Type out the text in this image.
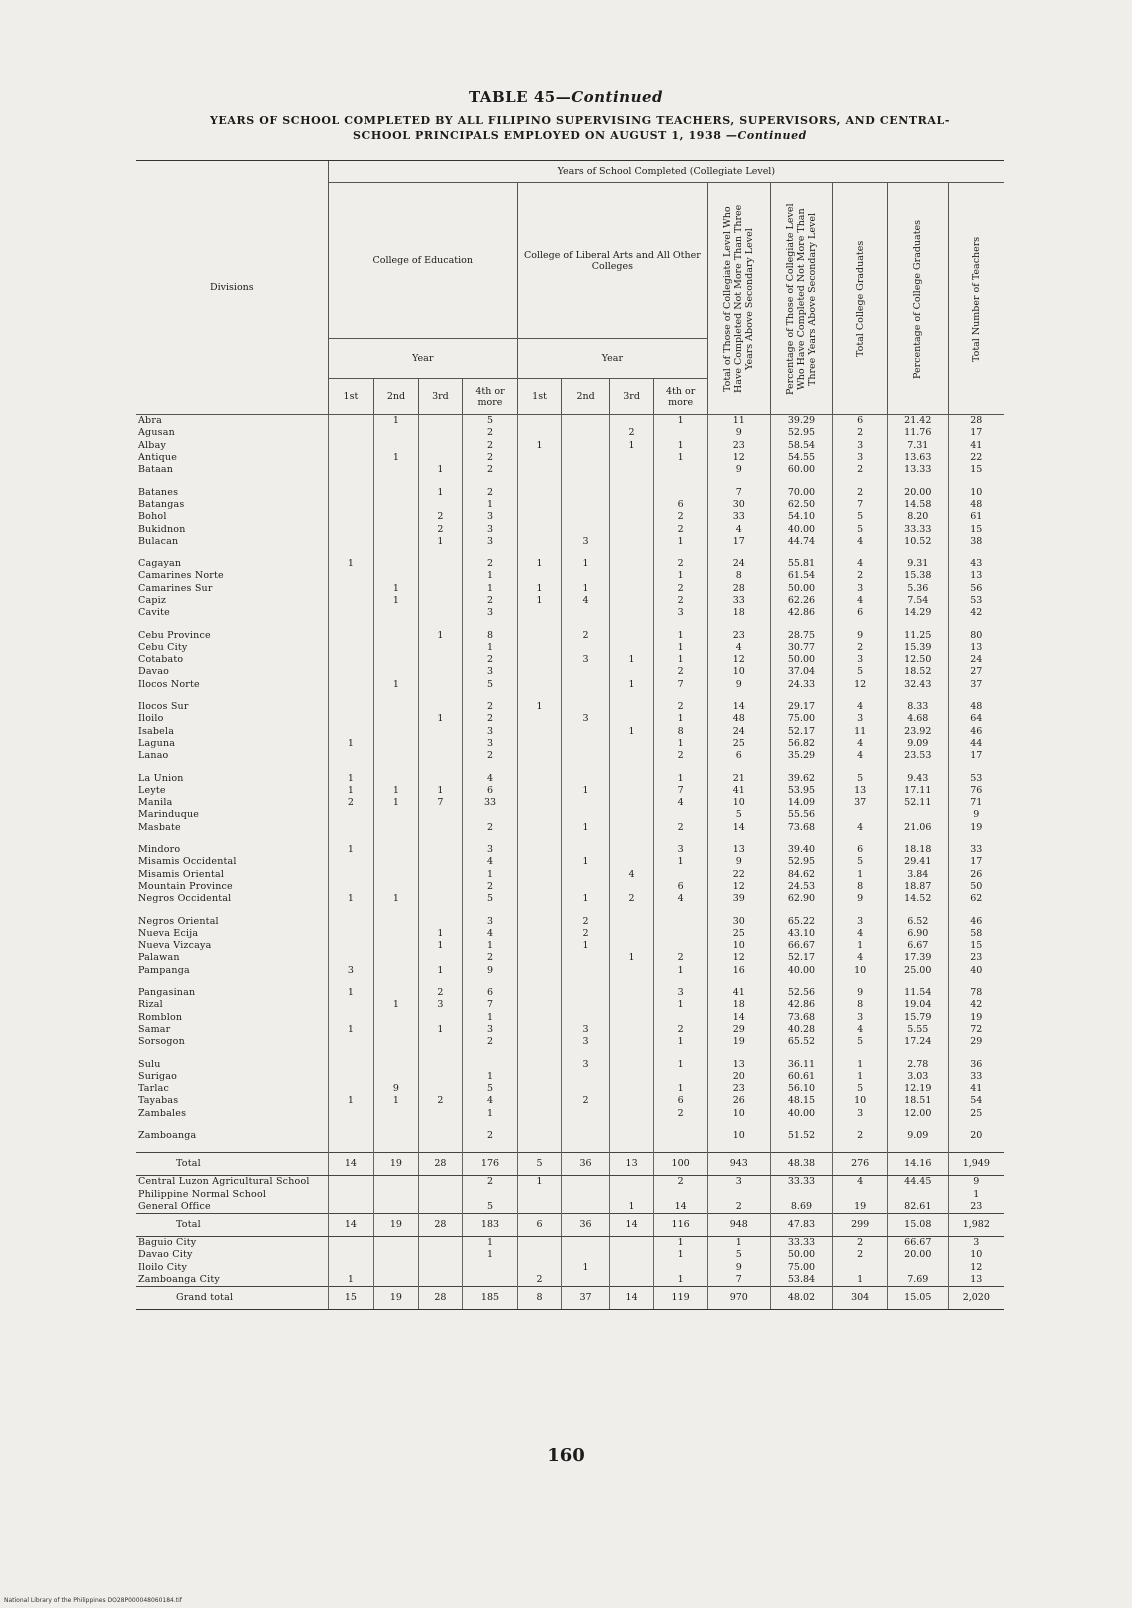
TABLE 45—Continued
YEARS OF SCHOOL COMPLETED BY ALL FILIPINO SUPERVISING TEACHERS, SUPERVISORS, AND CENTRAL-
SCHOOL PRINCIPALS EMPLOYED ON AUGUST 1, 1938 —Continued
Divisions	Years of School Completed (Collegiate Level)												
	College of Education				College of Liberal Arts and All Other Colleges				Total of Those of Collegiate Level Who Have Completed Not More Than Three Years Above Secondary Level	Percentage of Those of Collegiate Level Who Have Completed Not More Than Three Years Above Secondary Level	Total College Graduates	Percentage of College Graduates	Total Number of Teachers

	Year				Year								
	1st	2nd	3rd	4th or more	1st	2nd	3rd	4th or more					
Abra		1		5				1	11	39.29	6	21.42	28
Agusan				2			2		9	52.95	2	11.76	17
Albay				2	1		1	1	23	58.54	3	7.31	41
Antique		1		2				1	12	54.55	3	13.63	22
Bataan			1	2					9	60.00	2	13.33	15

Batanes			1	2					7	70.00	2	20.00	10
Batangas				1				6	30	62.50	7	14.58	48
Bohol			2	3				2	33	54.10	5	8.20	61
Bukidnon			2	3				2	4	40.00	5	33.33	15
Bulacan			1	3		3		1	17	44.74	4	10.52	38

Cagayan	1			2	1	1		2	24	55.81	4	9.31	43
Camarines Norte				1				1	8	61.54	2	15.38	13
Camarines Sur		1		1	1	1		2	28	50.00	3	5.36	56
Capiz		1		2	1	4		2	33	62.26	4	7.54	53
Cavite				3				3	18	42.86	6	14.29	42

Cebu Province			1	8		2		1	23	28.75	9	11.25	80
Cebu City				1				1	4	30.77	2	15.39	13
Cotabato				2		3	1	1	12	50.00	3	12.50	24
Davao				3				2	10	37.04	5	18.52	27
Ilocos Norte		1		5			1	7	9	24.33	12	32.43	37

Ilocos Sur				2	1			2	14	29.17	4	8.33	48
Iloilo			1	2		3		1	48	75.00	3	4.68	64
Isabela				3			1	8	24	52.17	11	23.92	46
Laguna	1			3				1	25	56.82	4	9.09	44
Lanao				2				2	6	35.29	4	23.53	17

La Union	1			4				1	21	39.62	5	9.43	53
Leyte	1	1	1	6		1		7	41	53.95	13	17.11	76
Manila	2	1	7	33				4	10	14.09	37	52.11	71
Marinduque									5	55.56			9
Masbate				2		1		2	14	73.68	4	21.06	19

Mindoro	1			3				3	13	39.40	6	18.18	33
Misamis Occidental				4		1		1	9	52.95	5	29.41	17
Misamis Oriental				1			4		22	84.62	1	3.84	26
Mountain Province				2				6	12	24.53	8	18.87	50
Negros Occidental	1	1		5		1	2	4	39	62.90	9	14.52	62

Negros Oriental				3		2			30	65.22	3	6.52	46
Nueva Ecija			1	4		2			25	43.10	4	6.90	58
Nueva Vizcaya			1	1		1			10	66.67	1	6.67	15
Palawan				2			1	2	12	52.17	4	17.39	23
Pampanga	3		1	9				1	16	40.00	10	25.00	40

Pangasinan	1		2	6				3	41	52.56	9	11.54	78
Rizal		1	3	7				1	18	42.86	8	19.04	42
Romblon				1					14	73.68	3	15.79	19
Samar	1		1	3		3		2	29	40.28	4	5.55	72
Sorsogon				2		3		1	19	65.52	5	17.24	29

Sulu						3		1	13	36.11	1	2.78	36
Surigao				1					20	60.61	1	3.03	33
Tarlac		9		5				1	23	56.10	5	12.19	41
Tayabas	1	1	2	4		2		6	26	48.15	10	18.51	54
Zambales				1				2	10	40.00	3	12.00	25

Zamboanga				2					10	51.52	2	9.09	20

Total	14	19	28	176	5	36	13	100	943	48.38	276	14.16	1,949
Central Luzon Agricultural School				2	1			2	3	33.33	4	44.45	9
Philippine Normal School													1
General Office				5			1	14	2	8.69	19	82.61	23
Total	14	19	28	183	6	36	14	116	948	47.83	299	15.08	1,982
Baguio City				1				1	1	33.33	2	66.67	3
Davao City				1				1	5	50.00	2	20.00	10
Iloilo City						1			9	75.00			12
Zamboanga City	1				2			1	7	53.84	1	7.69	13
Grand total	15	19	28	185	8	37	14	119	970	48.02	304	15.05	2,020
160
National Library of the Philippines DO28P000048060184.tif
